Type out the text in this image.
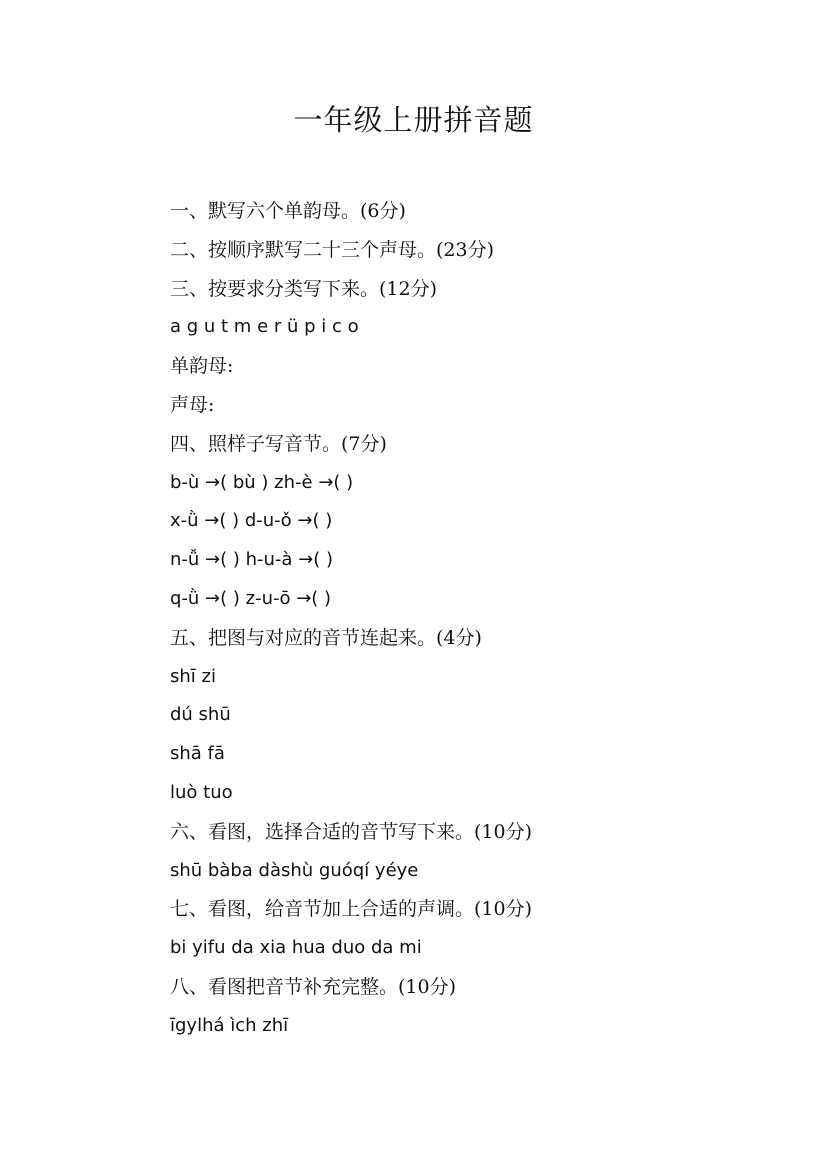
一年级上册拼音题
一、默写六个单韵母。(6分)
二、按顺序默写二十三个声母。(23分)
三、按要求分类写下来。(12分)
a g u t m e r ü p i c o
单韵母:
声母:
四、照样子写音节。(7分)
b-ù →( bù ) zh-è →( )
x-ǜ →( ) d-u-ǒ →( )
n-ǚ →( ) h-u-à →( )
q-ǜ →( ) z-u-ō →( )
五、把图与对应的音节连起来。(4分)
shī zi
dú shū
shā fā
luò tuo
六、看图，选择合适的音节写下来。(10分)
shū bàba dàshù guóqí yéye
七、看图，给音节加上合适的声调。(10分)
bi yifu da xia hua duo da mi
八、看图把音节补充完整。(10分)
īgylhá ìch zhī
